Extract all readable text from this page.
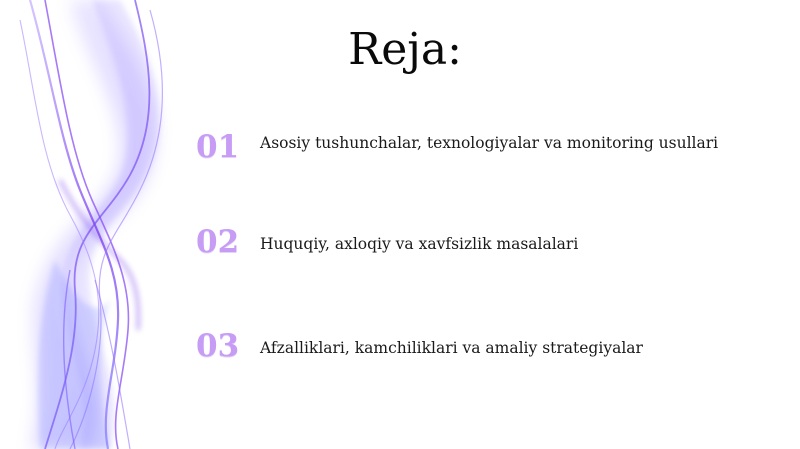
Reja:
01	Asosiy tushunchalar, texnologiyalar va monitoring usullari
02	Huquqiy, axloqiy va xavfsizlik masalalari
03	Afzalliklari, kamchiliklari va amaliy strategiyalar
